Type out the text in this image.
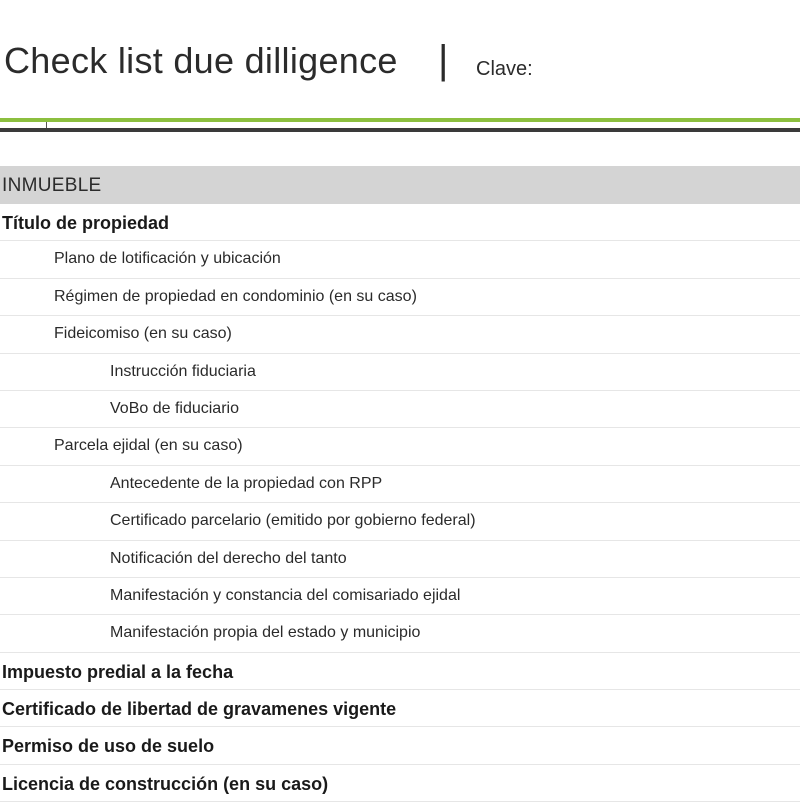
Check list due dilligence | Clave:
INMUEBLE
Título de propiedad
Plano de lotificación y ubicación
Régimen de propiedad en condominio (en su caso)
Fideicomiso (en su caso)
Instrucción fiduciaria
VoBo de fiduciario
Parcela ejidal (en su caso)
Antecedente de la propiedad con RPP
Certificado parcelario (emitido por gobierno federal)
Notificación del derecho del tanto
Manifestación y constancia del comisariado ejidal
Manifestación propia del estado y municipio
Impuesto predial a la fecha
Certificado de libertad de gravamenes vigente
Permiso de uso de suelo
Licencia de construcción (en su caso)
